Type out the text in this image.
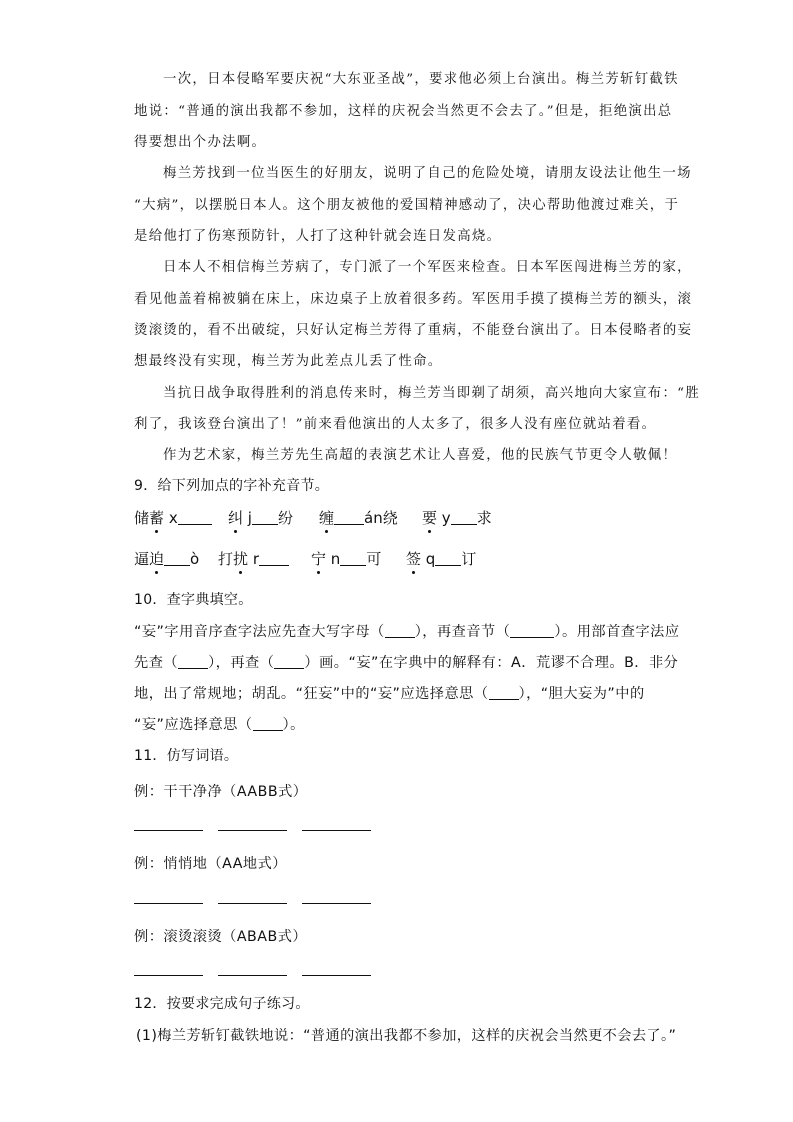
一次，日本侵略军要庆祝“大东亚圣战”，要求他必须上台演出。梅兰芳斩钉截铁
地说：“普通的演出我都不参加，这样的庆祝会当然更不会去了。”但是，拒绝演出总
得要想出个办法啊。
梅兰芳找到一位当医生的好朋友，说明了自己的危险处境，请朋友设法让他生一场
“大病”，以摆脱日本人。这个朋友被他的爱国精神感动了，决心帮助他渡过难关，于
是给他打了伤寒预防针，人打了这种针就会连日发高烧。
日本人不相信梅兰芳病了，专门派了一个军医来检查。日本军医闯进梅兰芳的家，
看见他盖着棉被躺在床上，床边桌子上放着很多药。军医用手摸了摸梅兰芳的额头，滚
烫滚烫的，看不出破绽，只好认定梅兰芳得了重病，不能登台演出了。日本侵略者的妄
想最终没有实现，梅兰芳为此差点儿丢了性命。
当抗日战争取得胜利的消息传来时，梅兰芳当即剃了胡须，高兴地向大家宣布：“胜
利了，我该登台演出了！”前来看他演出的人太多了，很多人没有座位就站着看。
作为艺术家，梅兰芳先生高超的表演艺术让人喜爱，他的民族气节更令人敬佩！
9．给下列加点的字补充音节。
储蓄 x	纠 j 纷 缠 án绕 要 y 求
逼迫 ò 打扰 r	宁 n 可 签 q 订
10．查字典填空。
“妄”字用音序查字法应先查大写字母（ ），再查音节（	）。用部首查字法应
先查（ ），再查（ ）画。“妄”在字典中的解释有：A．荒谬不合理。B．非分
地，出了常规地；胡乱。“狂妄”中的“妄”应选择意思（ ），“胆大妄为”中的
“妄”应选择意思（ ）。
11．仿写词语。
例：干干净净（AABB式）
例：悄悄地（AA地式）
例：滚烫滚烫（ABAB式）
12．按要求完成句子练习。
(1)梅兰芳斩钉截铁地说：“普通的演出我都不参加，这样的庆祝会当然更不会去了。”
